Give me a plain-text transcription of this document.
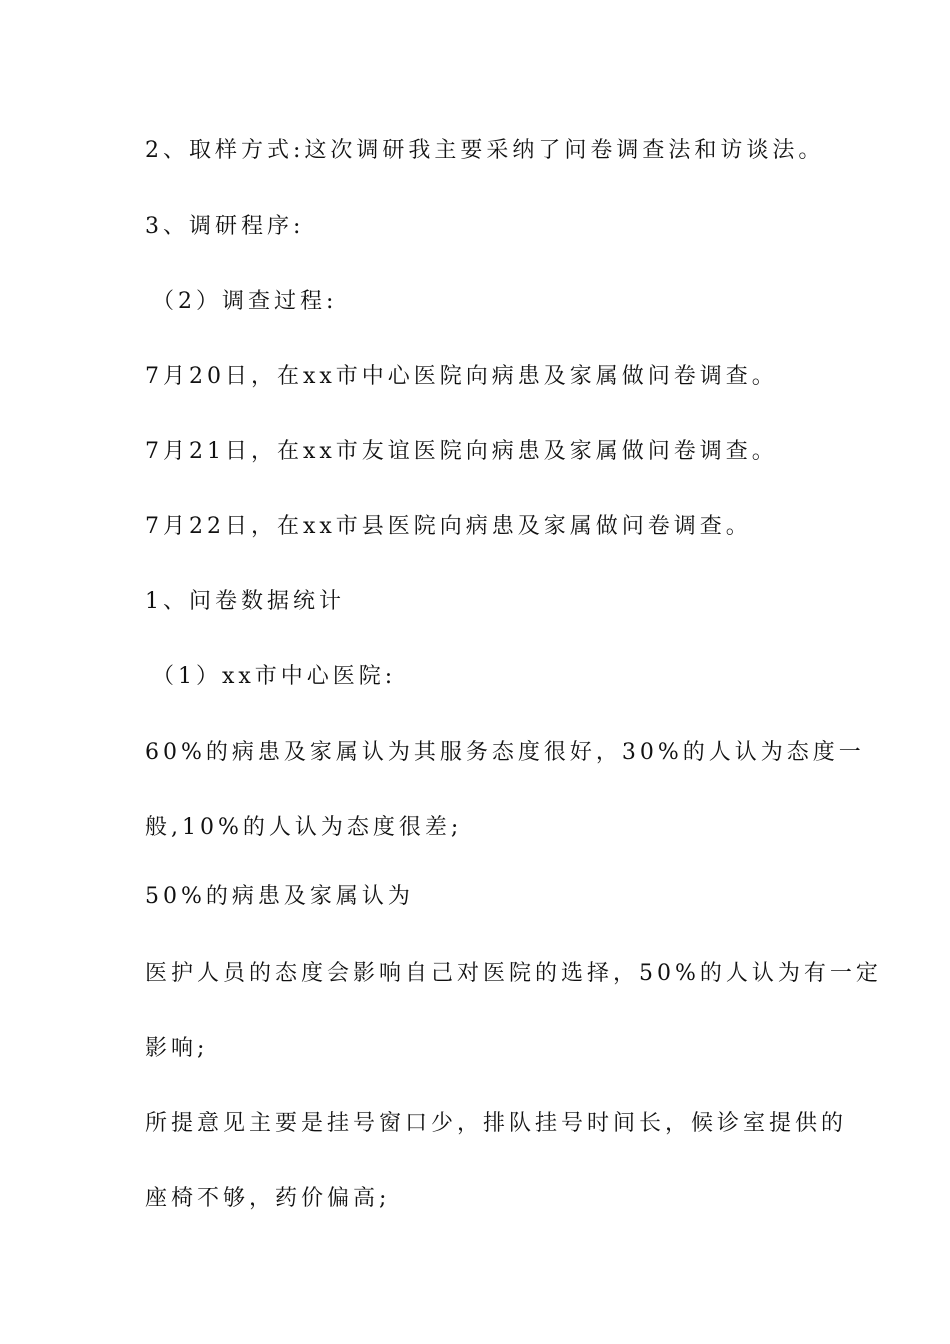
2、取样方式:这次调研我主要采纳了问卷调查法和访谈法。
3、调研程序:
（2）调查过程:
7月20日，在xx市中心医院向病患及家属做问卷调查。
7月21日，在xx市友谊医院向病患及家属做问卷调查。
7月22日，在xx市县医院向病患及家属做问卷调查。
1、问卷数据统计
（1）xx市中心医院:
60%的病患及家属认为其服务态度很好，30%的人认为态度一
般,10%的人认为态度很差;
50%的病患及家属认为
医护人员的态度会影响自己对医院的选择，50%的人认为有一定
影响;
所提意见主要是挂号窗口少，排队挂号时间长，候诊室提供的
座椅不够，药价偏高;
